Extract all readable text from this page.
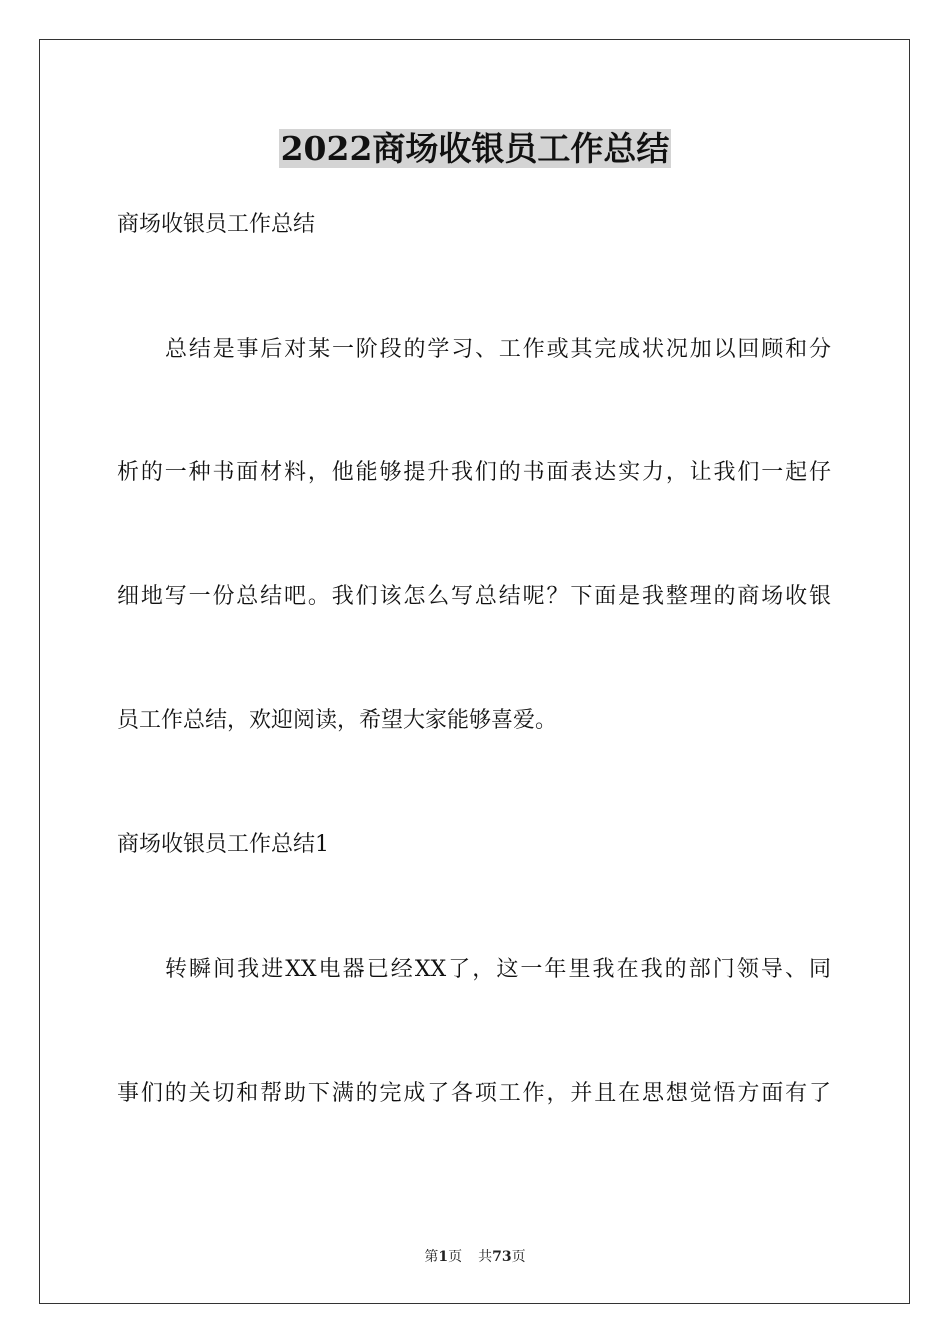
2022商场收银员工作总结
商场收银员工作总结
总结是事后对某一阶段的学习、工作或其完成状况加以回顾和分
析的一种书面材料，他能够提升我们的书面表达实力，让我们一起仔
细地写一份总结吧。我们该怎么写总结呢？下面是我整理的商场收银
员工作总结，欢迎阅读，希望大家能够喜爱。
商场收银员工作总结1
转瞬间我进XX电器已经XX了，这一年里我在我的部门领导、同
事们的关切和帮助下满的完成了各项工作，并且在思想觉悟方面有了
第1页 共73页
